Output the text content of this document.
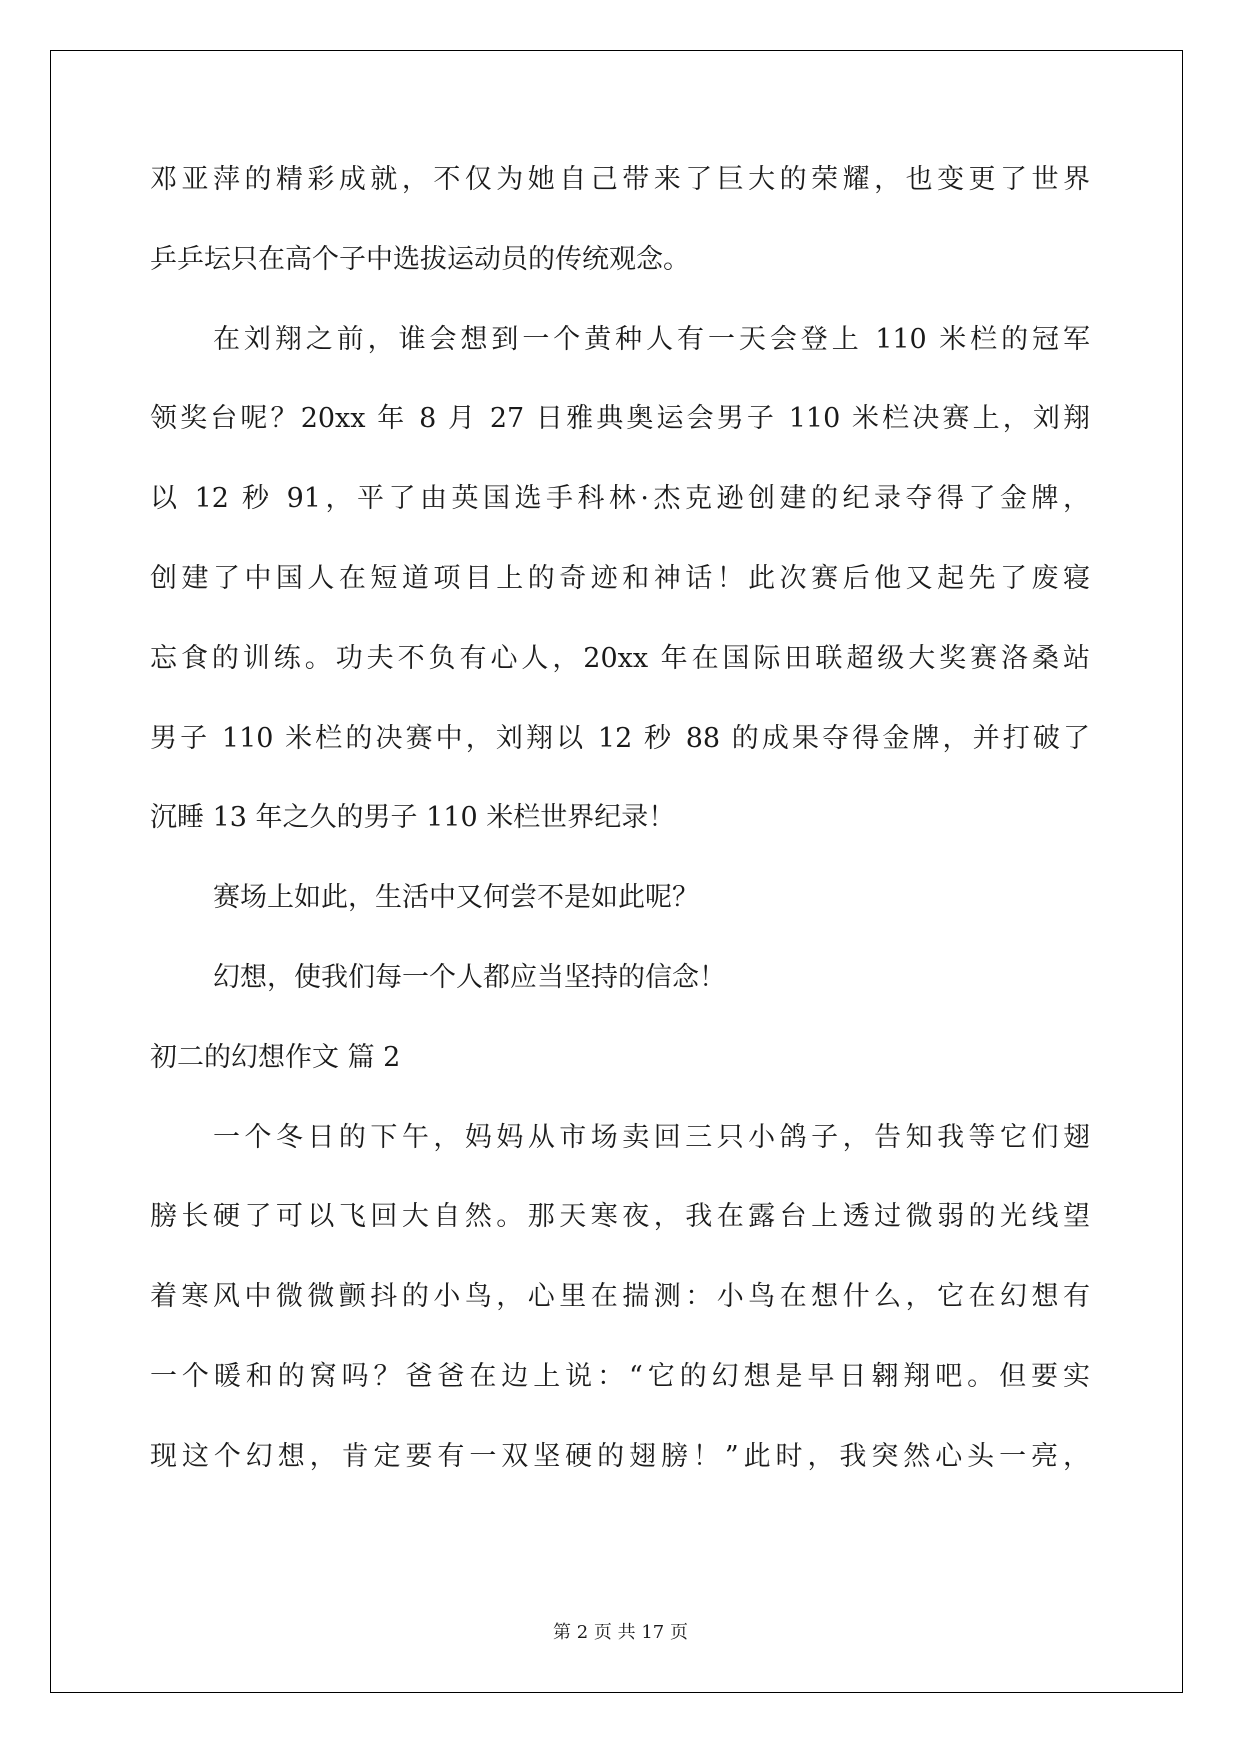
邓亚萍的精彩成就，不仅为她自己带来了巨大的荣耀，也变更了世界
乒乒坛只在高个子中选拔运动员的传统观念。
在刘翔之前，谁会想到一个黄种人有一天会登上 110 米栏的冠军
领奖台呢？20xx 年 8 月 27 日雅典奥运会男子 110 米栏决赛上，刘翔
以 12 秒 91，平了由英国选手科林·杰克逊创建的纪录夺得了金牌，
创建了中国人在短道项目上的奇迹和神话！此次赛后他又起先了废寝
忘食的训练。功夫不负有心人，20xx 年在国际田联超级大奖赛洛桑站
男子 110 米栏的决赛中，刘翔以 12 秒 88 的成果夺得金牌，并打破了
沉睡 13 年之久的男子 110 米栏世界纪录！
赛场上如此，生活中又何尝不是如此呢？
幻想，使我们每一个人都应当坚持的信念！
初二的幻想作文 篇 2
一个冬日的下午，妈妈从市场卖回三只小鸽子，告知我等它们翅
膀长硬了可以飞回大自然。那天寒夜，我在露台上透过微弱的光线望
着寒风中微微颤抖的小鸟，心里在揣测：小鸟在想什么，它在幻想有
一个暖和的窝吗？爸爸在边上说：“它的幻想是早日翱翔吧。但要实
现这个幻想，肯定要有一双坚硬的翅膀！”此时，我突然心头一亮，
第 2 页 共 17 页
